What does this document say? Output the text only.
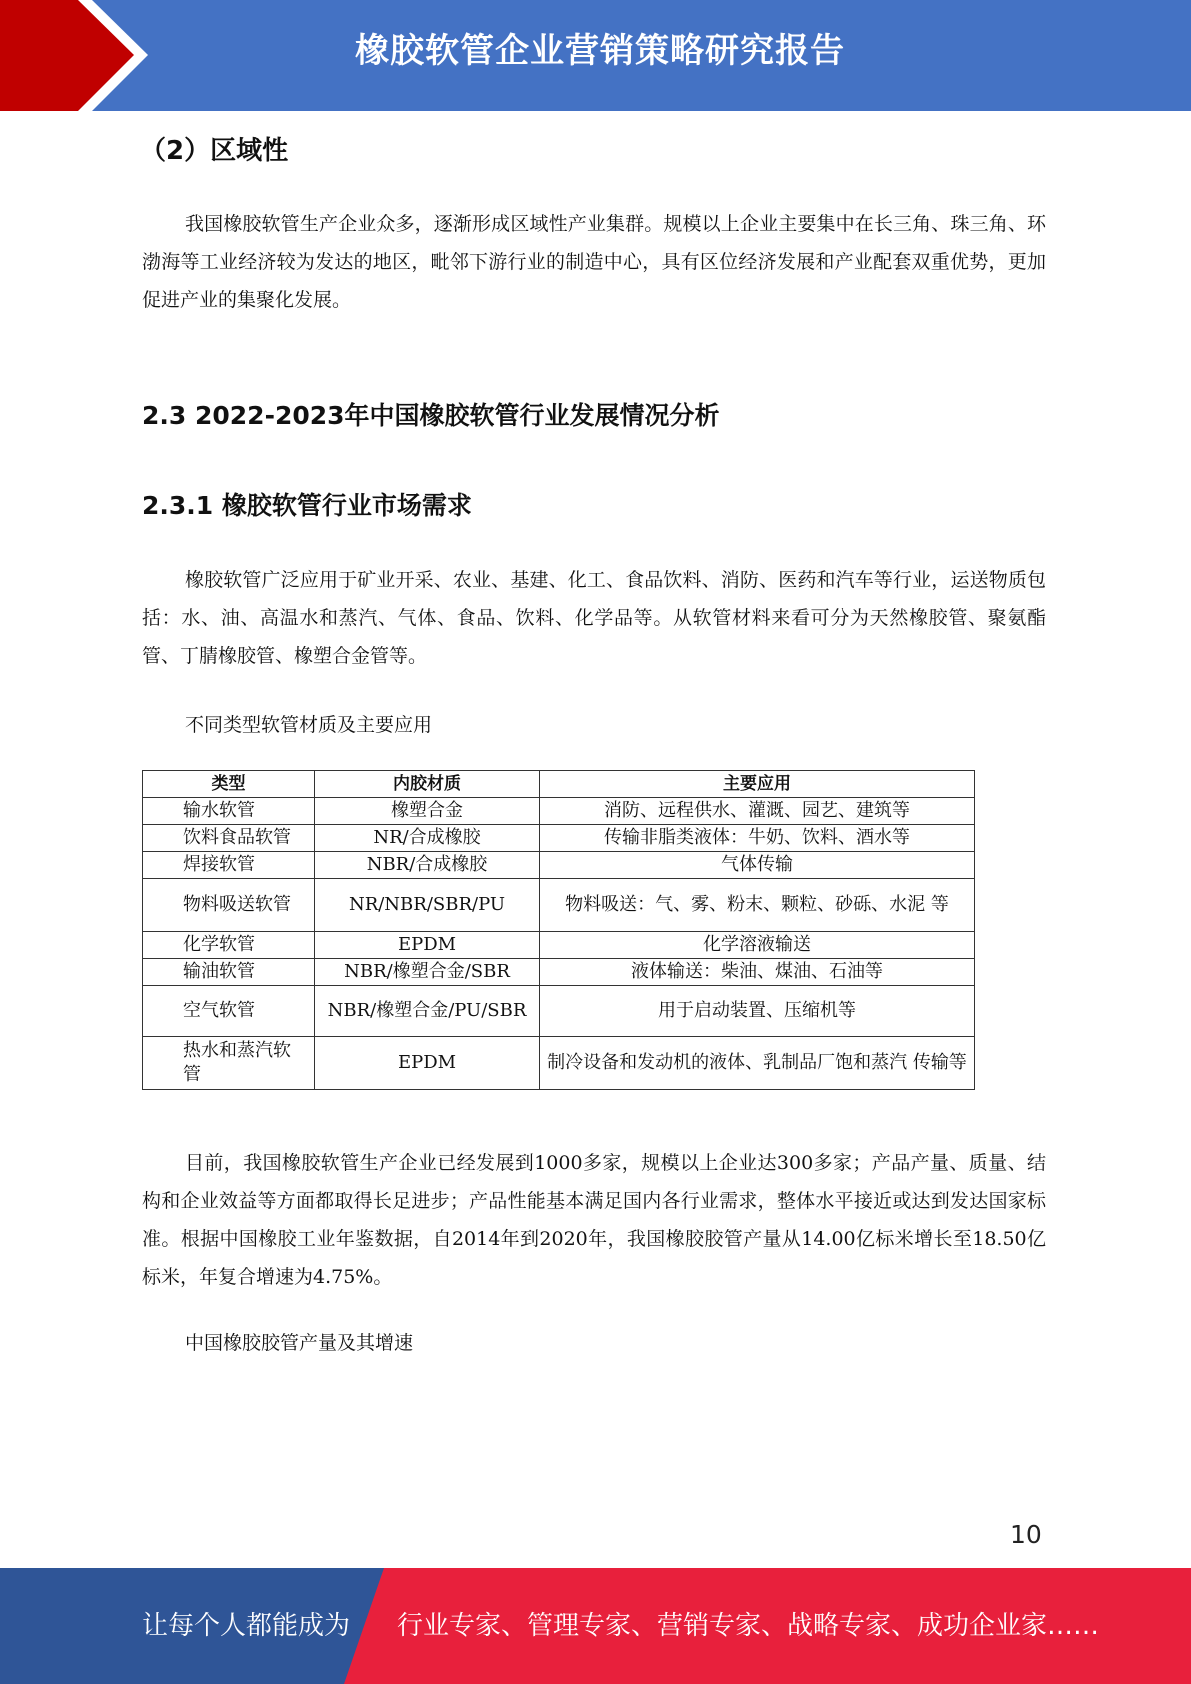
橡胶软管企业营销策略研究报告
（2）区域性

我国橡胶软管生产企业众多，逐渐形成区域性产业集群。规模以上企业主要集中在长三角、珠三角、环渤海等工业经济较为发达的地区，毗邻下游行业的制造中心，具有区位经济发展和产业配套双重优势，更加促进产业的集聚化发展。

2.3 2022-2023年中国橡胶软管行业发展情况分析
2.3.1 橡胶软管行业市场需求

橡胶软管广泛应用于矿业开采、农业、基建、化工、食品饮料、消防、医药和汽车等行业，运送物质包括：水、油、高温水和蒸汽、气体、食品、饮料、化学品等。从软管材料来看可分为天然橡胶管、聚氨酯管、丁腈橡胶管、橡塑合金管等。

不同类型软管材质及主要应用

类型	内胶材质	主要应用
输水软管	橡塑合金	消防、远程供水、灌溉、园艺、建筑等
饮料食品软管	NR/合成橡胶	传输非脂类液体：牛奶、饮料、酒水等
焊接软管	NBR/合成橡胶	气体传输
物料吸送软管	NR/NBR/SBR/PU	物料吸送：气、雾、粉末、颗粒、砂砾、水泥 等
化学软管	EPDM	化学溶液输送
输油软管	NBR/橡塑合金/SBR	液体输送：柴油、煤油、石油等
空气软管	NBR/橡塑合金/PU/SBR	用于启动装置、压缩机等
热水和蒸汽软管	EPDM	制冷设备和发动机的液体、乳制品厂饱和蒸汽 传输等

目前，我国橡胶软管生产企业已经发展到1000多家，规模以上企业达300多家；产品产量、质量、结构和企业效益等方面都取得长足进步；产品性能基本满足国内各行业需求，整体水平接近或达到发达国家标准。根据中国橡胶工业年鉴数据，自2014年到2020年，我国橡胶胶管产量从14.00亿标米增长至18.50亿标米，年复合增速为4.75%。

中国橡胶胶管产量及其增速

10
让每个人都能成为 行业专家、管理专家、营销专家、战略专家、成功企业家……
